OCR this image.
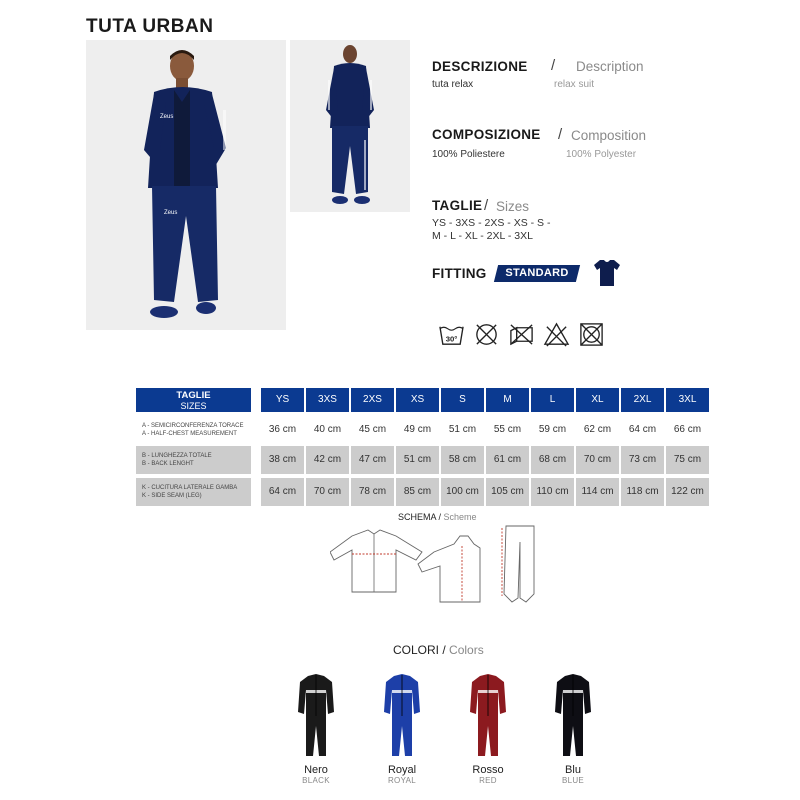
TUTA URBAN
Zeus
Zeus
DESCRIZIONE / Description
tuta relax	relax suit
COMPOSIZIONE / Composition
100% Poliestere	100% Polyester
TAGLIE / Sizes
YS - 3XS - 2XS - XS - S -
M - L - XL - 2XL - 3XL
FITTING	STANDARD
30°
TAGLIE
SIZES
YS	3XS	2XS	XS	S	M	L	XL	2XL	3XL
A - SEMICIRCONFERENZA TORACE
A - HALF-CHEST MEASUREMENT	36 cm	40 cm	45 cm	49 cm	51 cm	55 cm	59 cm	62 cm	64 cm	66 cm
B - LUNGHEZZA TOTALE
B - BACK LENGHT	38 cm	42 cm	47 cm	51 cm	58 cm	61 cm	68 cm	70 cm	73 cm	75 cm
K - CUCITURA LATERALE GAMBA
K - SIDE SEAM (LEG)	64 cm	70 cm	78 cm	85 cm	100 cm	105 cm	110 cm	114 cm	118 cm	122 cm
SCHEMA / Scheme
COLORI / Colors
Nero
BLACK
Royal
ROYAL
Rosso
RED
Blu
BLUE
